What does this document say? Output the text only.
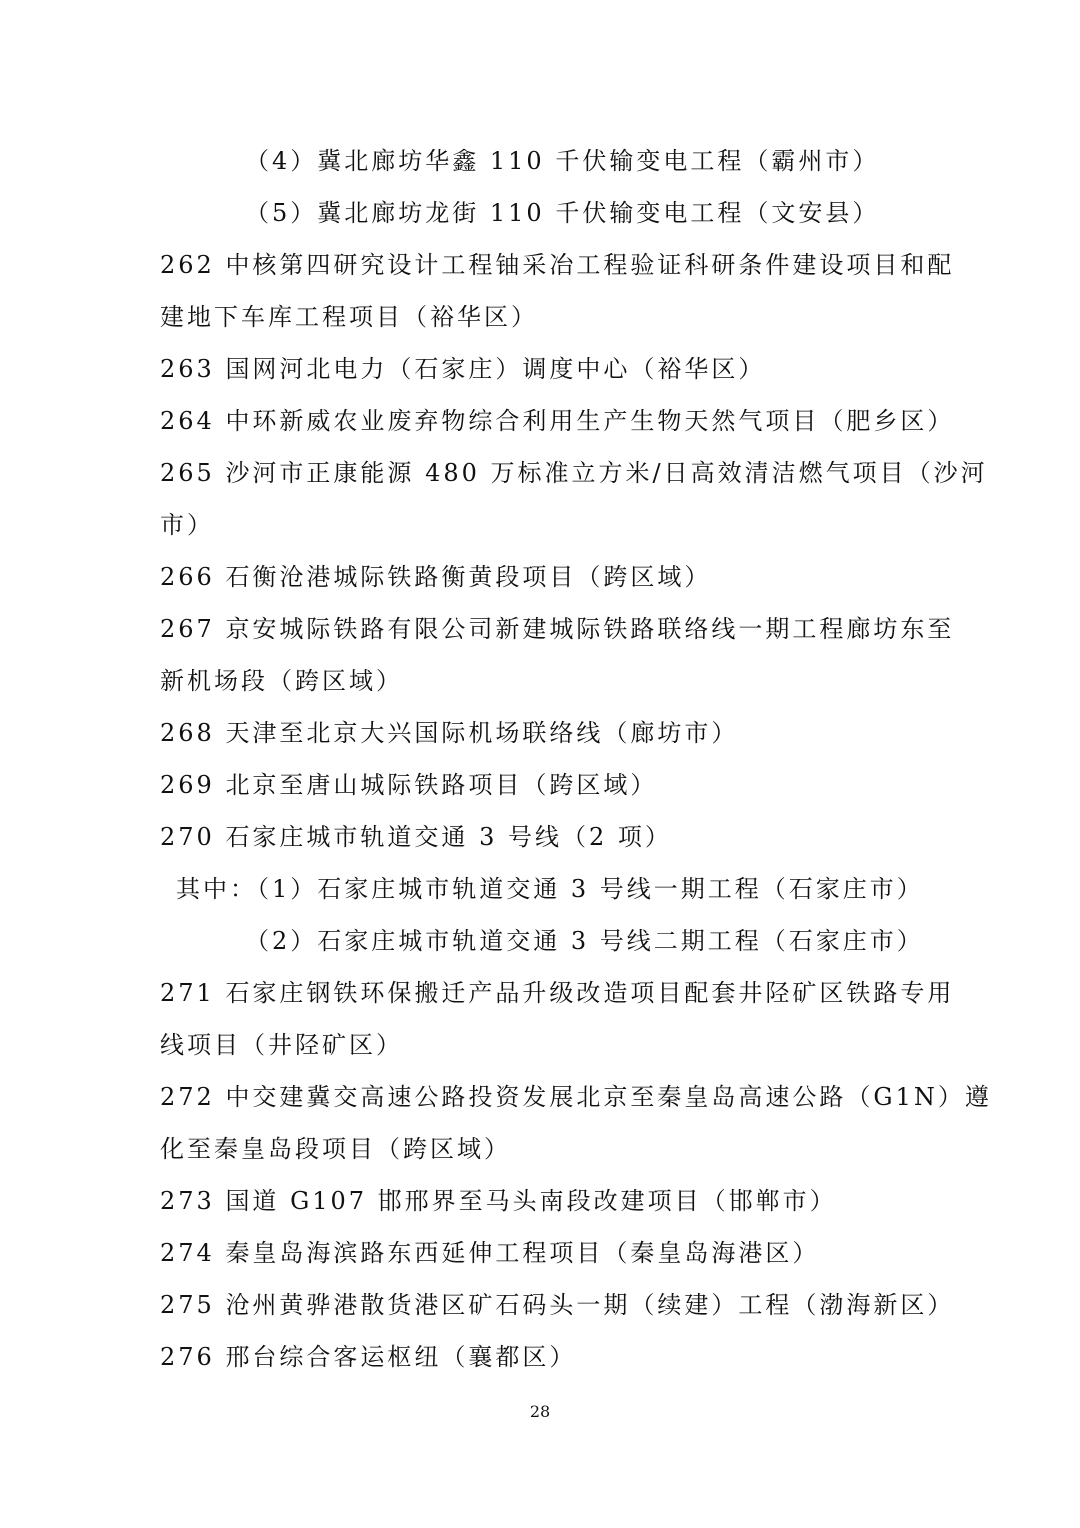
（4）冀北廊坊华鑫 110 千伏输变电工程（霸州市）
（5）冀北廊坊龙街 110 千伏输变电工程（文安县）
262 中核第四研究设计工程铀采冶工程验证科研条件建设项目和配
建地下车库工程项目（裕华区）
263 国网河北电力（石家庄）调度中心（裕华区）
264 中环新威农业废弃物综合利用生产生物天然气项目（肥乡区）
265 沙河市正康能源 480 万标准立方米/日高效清洁燃气项目（沙河
市）
266 石衡沧港城际铁路衡黄段项目（跨区域）
267 京安城际铁路有限公司新建城际铁路联络线一期工程廊坊东至
新机场段（跨区域）
268 天津至北京大兴国际机场联络线（廊坊市）
269 北京至唐山城际铁路项目（跨区域）
270 石家庄城市轨道交通 3 号线（2 项）
其中：（1）石家庄城市轨道交通 3 号线一期工程（石家庄市）
（2）石家庄城市轨道交通 3 号线二期工程（石家庄市）
271 石家庄钢铁环保搬迁产品升级改造项目配套井陉矿区铁路专用
线项目（井陉矿区）
272 中交建冀交高速公路投资发展北京至秦皇岛高速公路（G1N）遵
化至秦皇岛段项目（跨区域）
273 国道 G107 邯邢界至马头南段改建项目（邯郸市）
274 秦皇岛海滨路东西延伸工程项目（秦皇岛海港区）
275 沧州黄骅港散货港区矿石码头一期（续建）工程（渤海新区）
276 邢台综合客运枢纽（襄都区）
28
